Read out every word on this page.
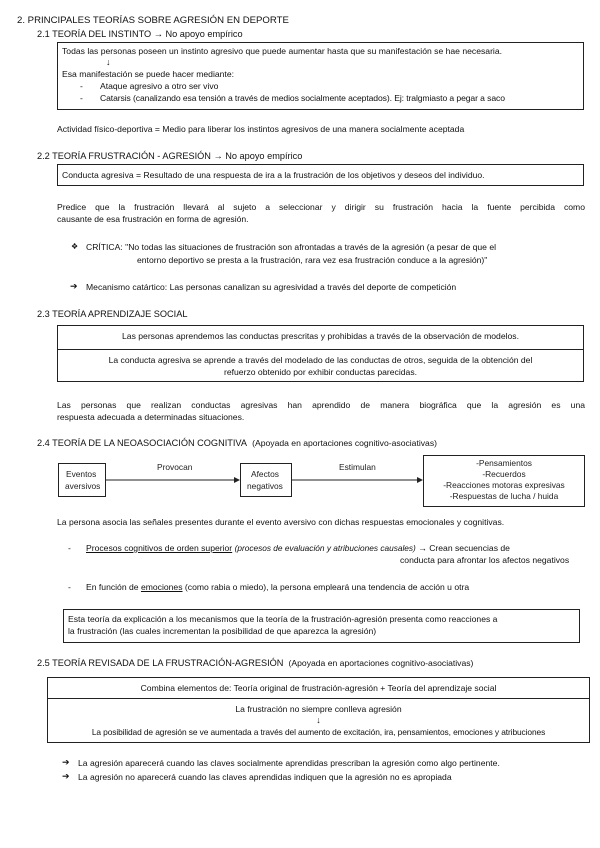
2. PRINCIPALES TEORÍAS SOBRE AGRESIÓN EN DEPORTE
2.1 TEORÍA DEL INSTINTO → No apoyo empírico
Todas las personas poseen un instinto agresivo que puede aumentar hasta que su manifestación se hae necesaria.
↓
Esa manifestación se puede hacer mediante:
- Ataque agresivo a otro ser vivo
- Catarsis (canalizando esa tensión a través de medios socialmente aceptados). Ej: tralgmiasto a pegar a saco
Actividad físico-deportiva = Medio para liberar los instintos agresivos de una manera socialmente aceptada
2.2 TEORÍA FRUSTRACIÓN - AGRESIÓN → No apoyo empírico
Conducta agresiva = Resultado de una respuesta de ira a la frustración de los objetivos y deseos del individuo.
Predice que la frustración llevará al sujeto a seleccionar y dirigir su frustración hacia la fuente percibida como
causante de esa frustración en forma de agresión.
❖ CRÍTICA: "No todas las situaciones de frustración son afrontadas a través de la agresión (a pesar de que el
entorno deportivo se presta a la frustración, rara vez esa frustración conduce a la agresión)"
➔ Mecanismo catártico: Las personas canalizan su agresividad a través del deporte de competición
2.3 TEORÍA APRENDIZAJE SOCIAL
Las personas aprendemos las conductas prescritas y prohibidas a través de la observación de modelos.
La conducta agresiva se aprende a través del modelado de las conductas de otros, seguida de la obtención del
refuerzo obtenido por exhibir conductas parecidas.
Las personas que realizan conductas agresivas han aprendido de manera biográfica que la agresión es una
respuesta adecuada a determinadas situaciones.
2.4 TEORÍA DE LA NEOASOCIACIÓN COGNITIVA (Apoyada en aportaciones cognitivo-asociativas)
Eventos
aversivos
Provocan
Afectos
negativos
Estimulan	-Pensamientos
-Recuerdos
-Reacciones motoras expresivas
-Respuestas de lucha / huida
La persona asocia las señales presentes durante el evento aversivo con dichas respuestas emocionales y cognitivas.
- Procesos cognitivos de orden superior (procesos de evaluación y atribuciones causales) → Crean secuencias de
conducta para afrontar los afectos negativos
- En función de emociones (como rabia o miedo), la persona empleará una tendencia de acción u otra
Esta teoría da explicación a los mecanismos que la teoría de la frustración-agresión presenta como reacciones a
la frustración (las cuales incrementan la posibilidad de que aparezca la agresión)
2.5 TEORÍA REVISADA DE LA FRUSTRACIÓN-AGRESIÓN (Apoyada en aportaciones cognitivo-asociativas)
Combina elementos de: Teoría original de frustración-agresión + Teoría del aprendizaje social
La frustración no siempre conlleva agresión
↓
La posibilidad de agresión se ve aumentada a través del aumento de excitación, ira, pensamientos, emociones y atribuciones
➔ La agresión aparecerá cuando las claves socialmente aprendidas prescriban la agresión como algo pertinente.
➔ La agresión no aparecerá cuando las claves aprendidas indiquen que la agresión no es apropiada
